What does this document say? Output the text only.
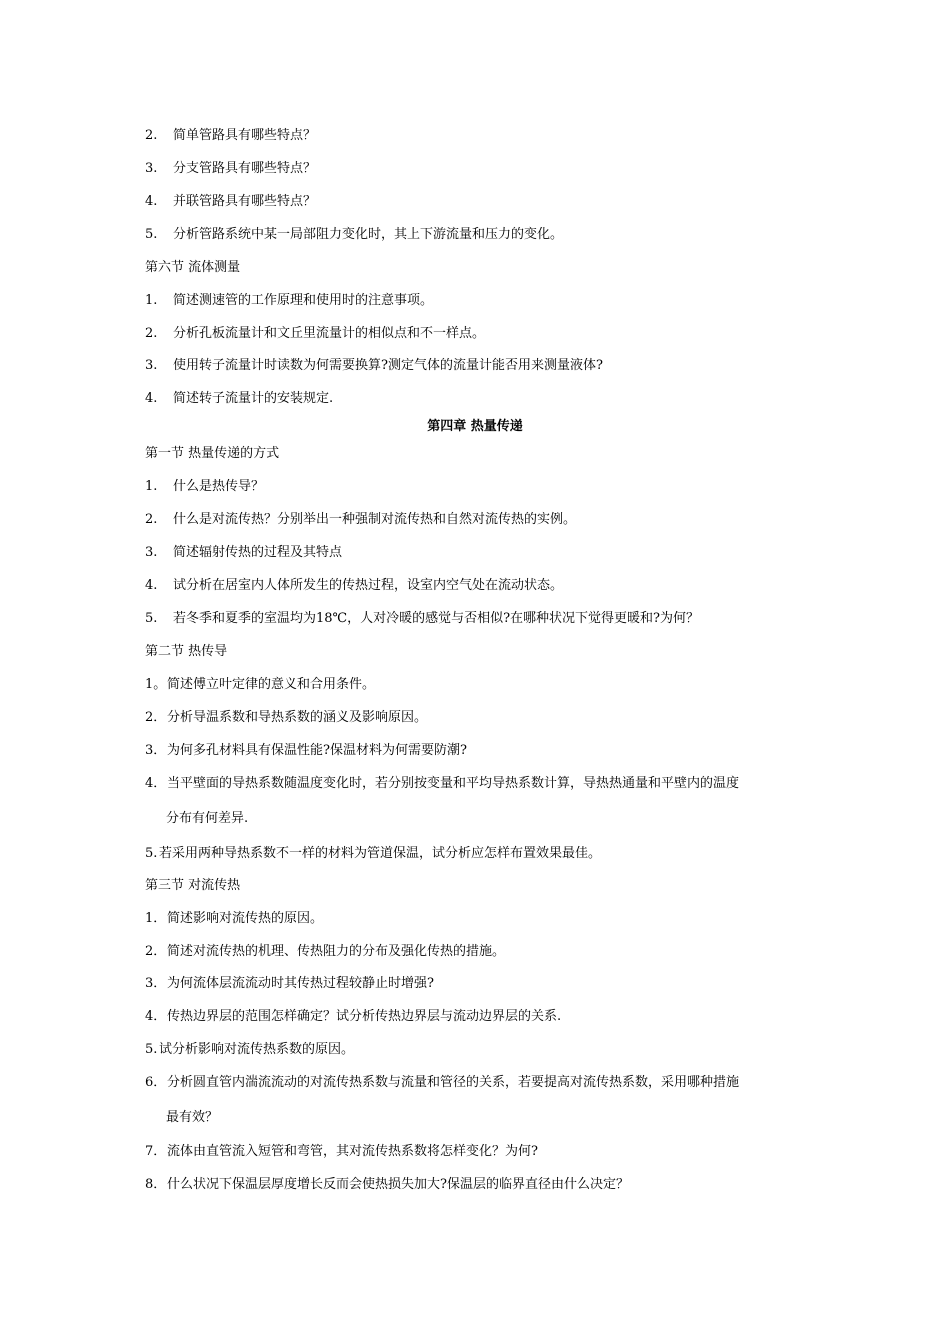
2. 简单管路具有哪些特点？
3. 分支管路具有哪些特点？
4. 并联管路具有哪些特点？
5. 分析管路系统中某一局部阻力变化时，其上下游流量和压力的变化。
第六节 流体测量
1. 简述测速管的工作原理和使用时的注意事项。
2. 分析孔板流量计和文丘里流量计的相似点和不一样点。
3. 使用转子流量计时读数为何需要换算?测定气体的流量计能否用来测量液体?
4. 简述转子流量计的安装规定.
第四章 热量传递
第一节 热量传递的方式
1. 什么是热传导？
2. 什么是对流传热？分别举出一种强制对流传热和自然对流传热的实例。
3. 简述辐射传热的过程及其特点
4. 试分析在居室内人体所发生的传热过程，设室内空气处在流动状态。
5. 若冬季和夏季的室温均为18℃，人对冷暖的感觉与否相似?在哪种状况下觉得更暖和?为何？
第二节 热传导
1。简述傅立叶定律的意义和合用条件。
2．分析导温系数和导热系数的涵义及影响原因。
3．为何多孔材料具有保温性能?保温材料为何需要防潮?
4．当平壁面的导热系数随温度变化时，若分别按变量和平均导热系数计算，导热热通量和平壁内的温度
分布有何差异.
5. 若采用两种导热系数不一样的材料为管道保温，试分析应怎样布置效果最佳。
第三节 对流传热
1．简述影响对流传热的原因。
2．简述对流传热的机理、传热阻力的分布及强化传热的措施。
3．为何流体层流流动时其传热过程较静止时增强?
4．传热边界层的范围怎样确定？试分析传热边界层与流动边界层的关系.
5. 试分析影响对流传热系数的原因。
6．分析圆直管内湍流流动的对流传热系数与流量和管径的关系，若要提高对流传热系数，采用哪种措施
最有效？
7．流体由直管流入短管和弯管，其对流传热系数将怎样变化？为何?
8．什么状况下保温层厚度增长反而会使热损失加大?保温层的临界直径由什么决定？
